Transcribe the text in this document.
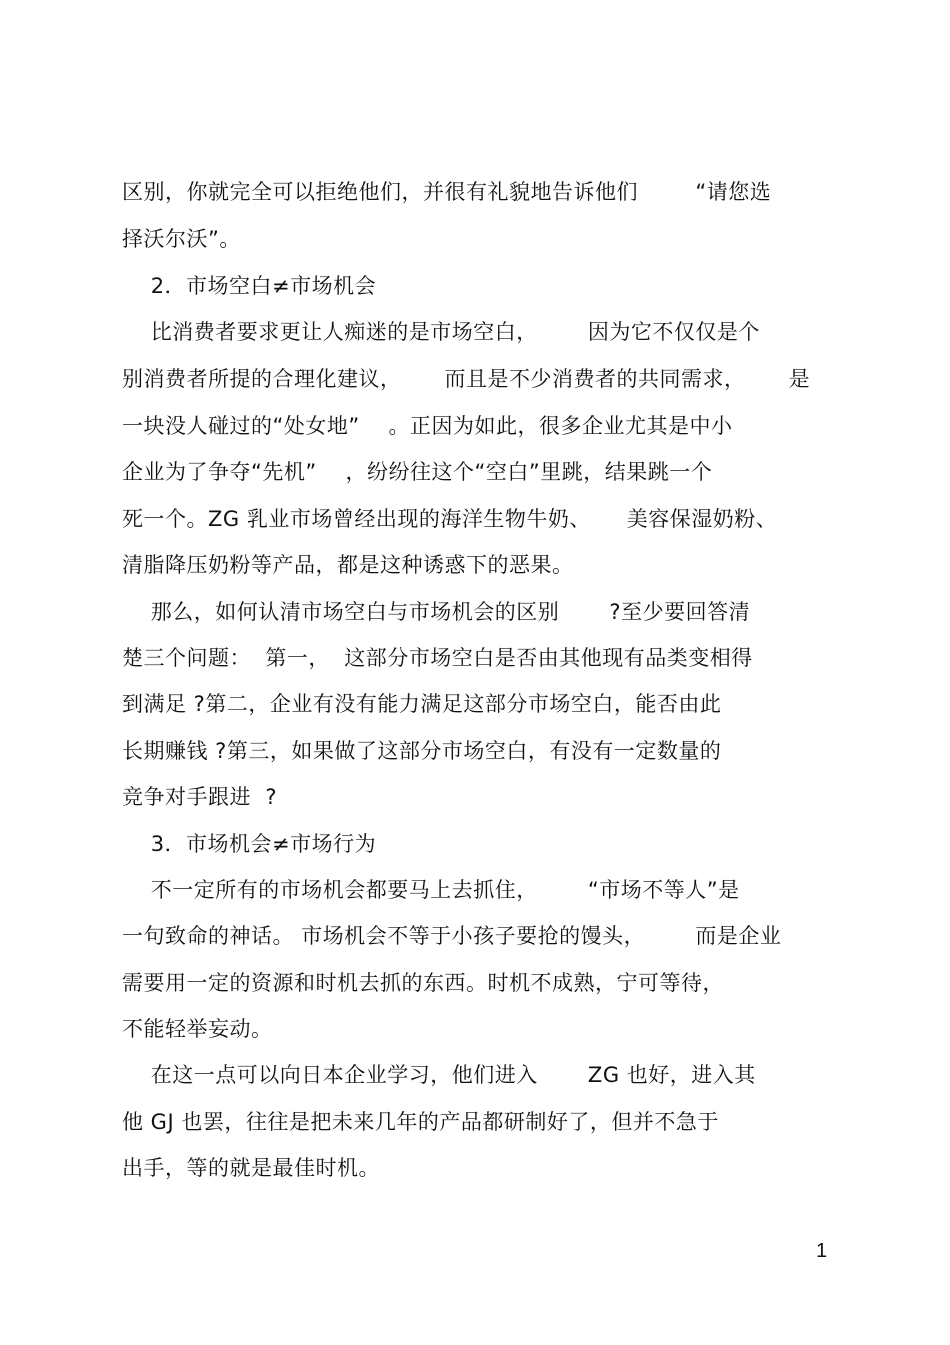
区别，你就完全可以拒绝他们，并很有礼貌地告诉他们        “请您选
择沃尔沃”。
2．市场空白≠市场机会
比消费者要求更让人痴迷的是市场空白，       因为它不仅仅是个
别消费者所提的合理化建议，      而且是不少消费者的共同需求，      是
一块没人碰过的“处女地”    。正因为如此，很多企业尤其是中小
企业为了争夺“先机”    ，纷纷往这个“空白”里跳，结果跳一个
死一个。ZG 乳业市场曾经出现的海洋生物牛奶、     美容保湿奶粉、
清脂降压奶粉等产品，都是这种诱惑下的恶果。
那么，如何认清市场空白与市场机会的区别       ?至少要回答清
楚三个问题：  第一，  这部分市场空白是否由其他现有品类变相得
到满足 ?第二，企业有没有能力满足这部分市场空白，能否由此
长期赚钱 ?第三，如果做了这部分市场空白，有没有一定数量的
竞争对手跟进  ?
3．市场机会≠市场行为
不一定所有的市场机会都要马上去抓住，       “市场不等人”是
一句致命的神话。 市场机会不等于小孩子要抢的馒头，       而是企业
需要用一定的资源和时机去抓的东西。时机不成熟，宁可等待，
不能轻举妄动。
在这一点可以向日本企业学习，他们进入       ZG 也好，进入其
他 GJ 也罢，往往是把未来几年的产品都研制好了，但并不急于
出手，等的就是最佳时机。
1
